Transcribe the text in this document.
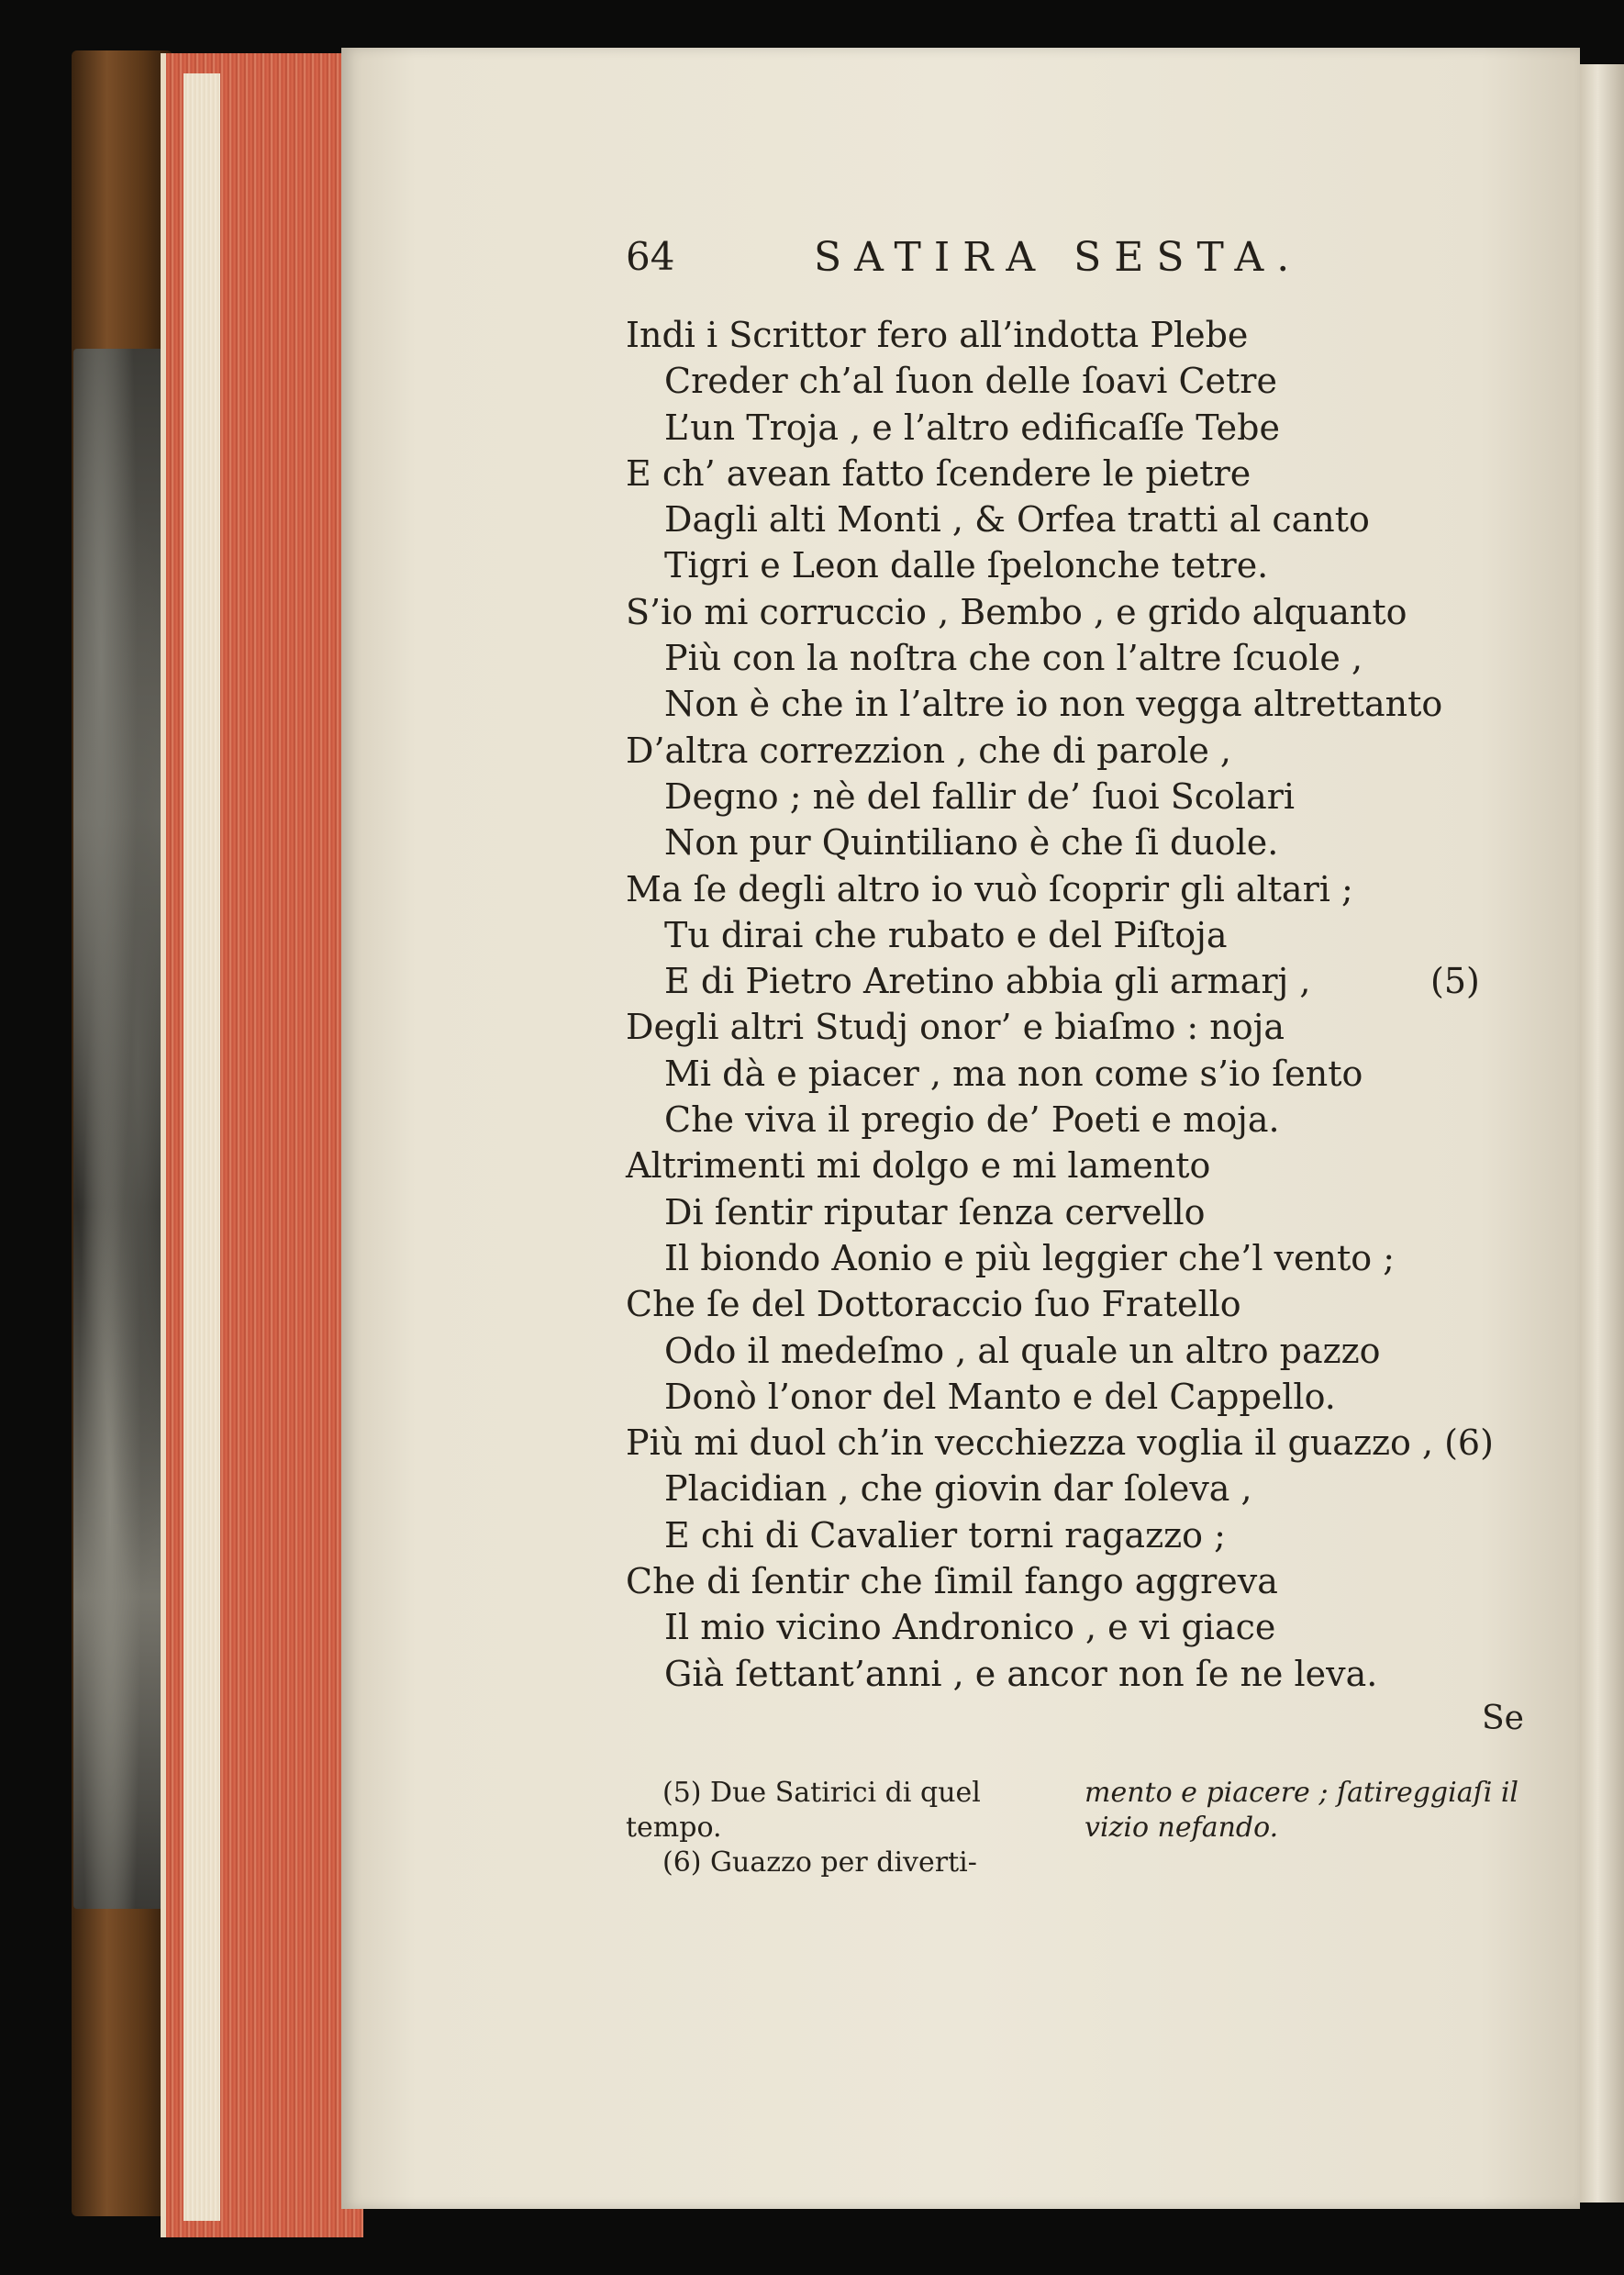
64	SATIRA SESTA.
Indi i Scrittor fero all’indotta Plebe
Creder ch’al ſuon delle ſoavi Cetre
L’un Troja , e l’altro edificaſſe Tebe
E ch’ avean fatto ſcendere le pietre
Dagli alti Monti , & Orfea tratti al canto
Tigri e Leon dalle ſpelonche tetre.
S’io mi corruccio , Bembo , e grido alquanto
Più con la noſtra che con l’altre ſcuole ,
Non è che in l’altre io non vegga altrettanto
D’altra correzzion , che di parole ,
Degno ; nè del fallir de’ ſuoi Scolari
Non pur Quintiliano è che ſi duole.
Ma ſe degli altro io vuò ſcoprir gli altari ;
Tu dirai che rubato e del Piſtoja
E di Pietro Aretino abbia gli armarj ,	(5)
Degli altri Studj onor’ e biaſmo : noja
Mi dà e piacer , ma non come s’io ſento
Che viva il pregio de’ Poeti e moja.
Altrimenti mi dolgo e mi lamento
Di ſentir riputar ſenza cervello
Il biondo Aonio e più leggier che’l vento ;
Che ſe del Dottoraccio ſuo Fratello
Odo il medeſmo , al quale un altro pazzo
Donò l’onor del Manto e del Cappello.
Più mi duol ch’in vecchiezza voglia il guazzo , (6)
Placidian , che giovin dar ſoleva ,
E chi di Cavalier torni ragazzo ;
Che di ſentir che ſimil fango aggreva
Il mio vicino Andronico , e vi giace
Già ſettant’anni , e ancor non ſe ne leva.
Se
(5) Due Satirici di quel
tempo.
(6) Guazzo per diverti-
mento e piacere ; ſatireggiaſi il
vizio nefando.
